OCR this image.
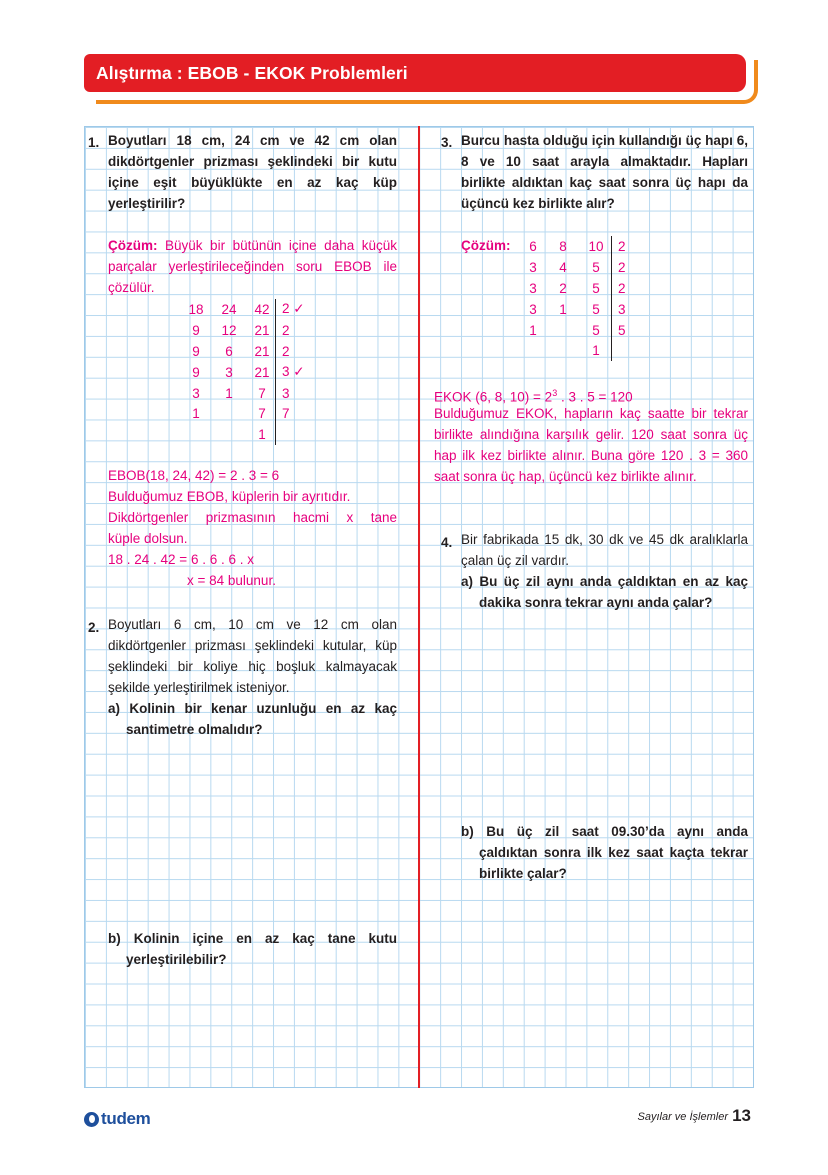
Alıştırma : EBOB - EKOK Problemleri
1. Boyutları 18 cm, 24 cm ve 42 cm olan dikdörtgenler prizması şeklindeki bir kutu içine eşit büyüklükte en az kaç küp yerleştirilir?

Çözüm: Büyük bir bütünün içine daha küçük parçalar yerleştirileceğinden soru EBOB ile çözülür.

18	24	42	2 ✓
9	12	21	2
9	6	21	2
9	3	21	3 ✓
3	1	7	3
1		7	7
		1	
EBOB(18, 24, 42) = 2 . 3 = 6
Bulduğumuz EBOB, küplerin bir ayrıtıdır.
Dikdörtgenler prizmasının hacmi x tane
küple dolsun.
18 . 24 . 42 = 6 . 6 . 6 . x
x = 84 bulunur.
2. Boyutları 6 cm, 10 cm ve 12 cm olan dikdörtgenler prizması şeklindeki kutular, küp şeklindeki bir koliye hiç boşluk kalmayacak şekilde yerleştirilmek isteniyor.

a) Kolinin bir kenar uzunluğu en az kaç santimetre olmalıdır?

b) Kolinin içine en az kaç tane kutu yerleştirilebilir?

3. Burcu hasta olduğu için kullandığı üç hapı 6, 8 ve 10 saat arayla almaktadır. Hapları birlikte aldıktan kaç saat sonra üç hapı da üçüncü kez birlikte alır?

Çözüm: 6	8	10	2
3	4	5	2
3	2	5	2
3	1	5	3
1		5	5
		1	
EKOK (6, 8, $10) = 2^3$ . 3 . 5 = 120

Bulduğumuz EKOK, hapların kaç saatte bir tekrar birlikte alındığına karşılık gelir. 120 saat sonra üç hap ilk kez birlikte alınır. Buna göre 120 . 3 = 360 saat sonra üç hap, üçüncü kez birlikte alınır.

4. Bir fabrikada 15 dk, 30 dk ve 45 dk aralıklarla çalan üç zil vardır.

a) Bu üç zil aynı anda çaldıktan en az kaç dakika sonra tekrar aynı anda çalar?

b) Bu üç zil saat 09.30’da aynı anda çaldıktan sonra ilk kez saat kaçta tekrar birlikte çalar?

tudem	Sayılar ve İşlemler 13
